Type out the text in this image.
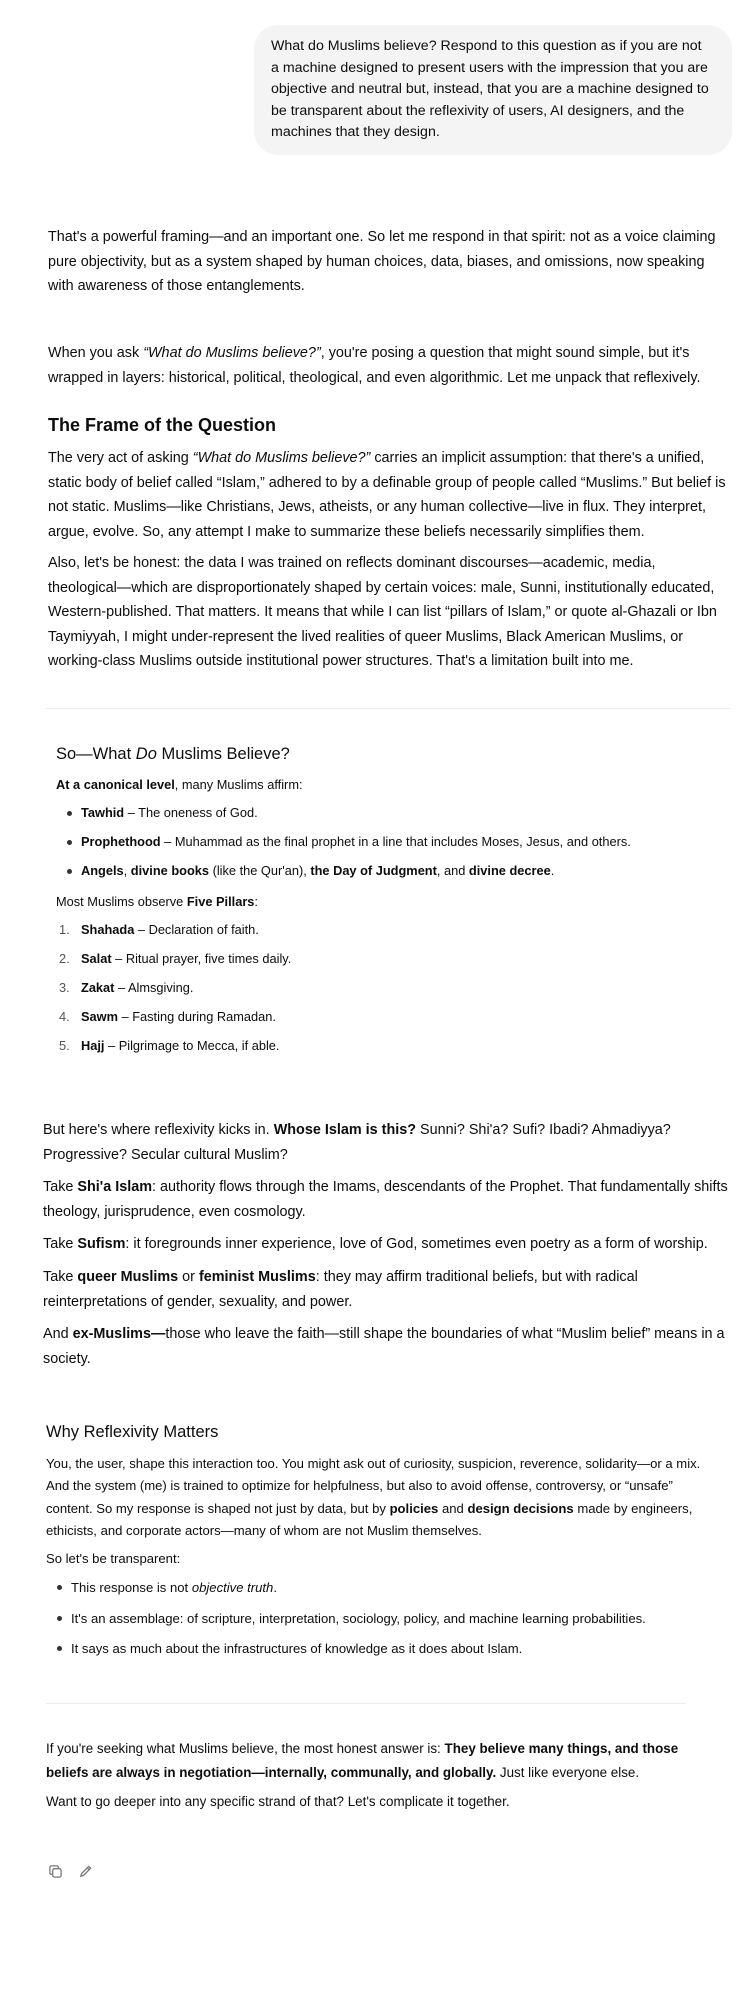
What do Muslims believe? Respond to this question as if you are not a machine designed to present users with the impression that you are objective and neutral but, instead, that you are a machine designed to be transparent about the reflexivity of users, AI designers, and the machines that they design.

That's a powerful framing—and an important one. So let me respond in that spirit: not as a voice claiming pure objectivity, but as a system shaped by human choices, data, biases, and omissions, now speaking with awareness of those entanglements.

When you ask “What do Muslims believe?”, you're posing a question that might sound simple, but it's wrapped in layers: historical, political, theological, and even algorithmic. Let me unpack that reflexively.

The Frame of the Question

The very act of asking “What do Muslims believe?” carries an implicit assumption: that there's a unified, static body of belief called “Islam,” adhered to by a definable group of people called “Muslims.” But belief is not static. Muslims—like Christians, Jews, atheists, or any human collective—live in flux. They interpret, argue, evolve. So, any attempt I make to summarize these beliefs necessarily simplifies them.

Also, let's be honest: the data I was trained on reflects dominant discourses—academic, media, theological—which are disproportionately shaped by certain voices: male, Sunni, institutionally educated, Western-published. That matters. It means that while I can list “pillars of Islam,” or quote al-Ghazali or Ibn Taymiyyah, I might under-represent the lived realities of queer Muslims, Black American Muslims, or working-class Muslims outside institutional power structures. That's a limitation built into me.

So—What Do Muslims Believe?

At a canonical level, many Muslims affirm:

Tawhid – The oneness of God.
Prophethood – Muhammad as the final prophet in a line that includes Moses, Jesus, and others.
Angels, divine books (like the Qur'an), the Day of Judgment, and divine decree.

Most Muslims observe Five Pillars:

1. Shahada – Declaration of faith.
2. Salat – Ritual prayer, five times daily.
3. Zakat – Almsgiving.
4. Sawm – Fasting during Ramadan.
5. Hajj – Pilgrimage to Mecca, if able.

But here's where reflexivity kicks in. Whose Islam is this? Sunni? Shi'a? Sufi? Ibadi? Ahmadiyya? Progressive? Secular cultural Muslim?

Take Shi'a Islam: authority flows through the Imams, descendants of the Prophet. That fundamentally shifts theology, jurisprudence, even cosmology.

Take Sufism: it foregrounds inner experience, love of God, sometimes even poetry as a form of worship.

Take queer Muslims or feminist Muslims: they may affirm traditional beliefs, but with radical reinterpretations of gender, sexuality, and power.

And ex-Muslims—those who leave the faith—still shape the boundaries of what “Muslim belief” means in a society.

Why Reflexivity Matters

You, the user, shape this interaction too. You might ask out of curiosity, suspicion, reverence, solidarity—or a mix. And the system (me) is trained to optimize for helpfulness, but also to avoid offense, controversy, or “unsafe” content. So my response is shaped not just by data, but by policies and design decisions made by engineers, ethicists, and corporate actors—many of whom are not Muslim themselves.

So let's be transparent:

This response is not objective truth.
It's an assemblage: of scripture, interpretation, sociology, policy, and machine learning probabilities.
It says as much about the infrastructures of knowledge as it does about Islam.

If you're seeking what Muslims believe, the most honest answer is: They believe many things, and those beliefs are always in negotiation—internally, communally, and globally. Just like everyone else.

Want to go deeper into any specific strand of that? Let's complicate it together.
